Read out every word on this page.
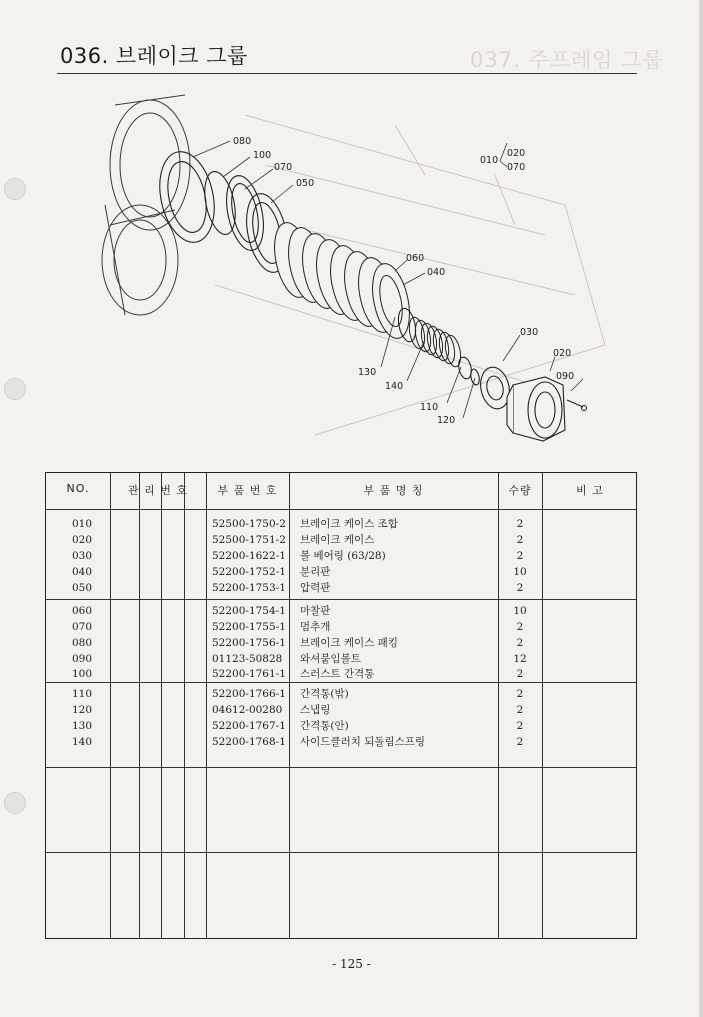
037. 주프레임 그룹
036. 브레이크 그룹
080
100
070
050
060
040
030
020
090
130
140
110
120
010
020
070
NO.	관 리 번 호	부 품 번 호	부 품 명 칭	수량	비 고
010	52500-1750-2 브레이크 케이스 조합	2
020	52500-1751-2 브레이크 케이스	2
030	52200-1622-1 볼 베어링 (63/28)	2
040	52200-1752-1 분리판	10
050	52200-1753-1 압력판	2
060	52200-1754-1 마찰판	10
070	52200-1755-1 멈추개	2
080	52200-1756-1 브레이크 케이스 패킹	2
090	01123-50828 와셔붙임볼트	12
100	52200-1761-1 스러스트 간격통	2
110	52200-1766-1 간격통(밖)	2
120	04612-00280 스냅링	2
130	52200-1767-1 간격통(안)	2
140	52200-1768-1 사이드클러치 되돌림스프링	2
- 125 -
